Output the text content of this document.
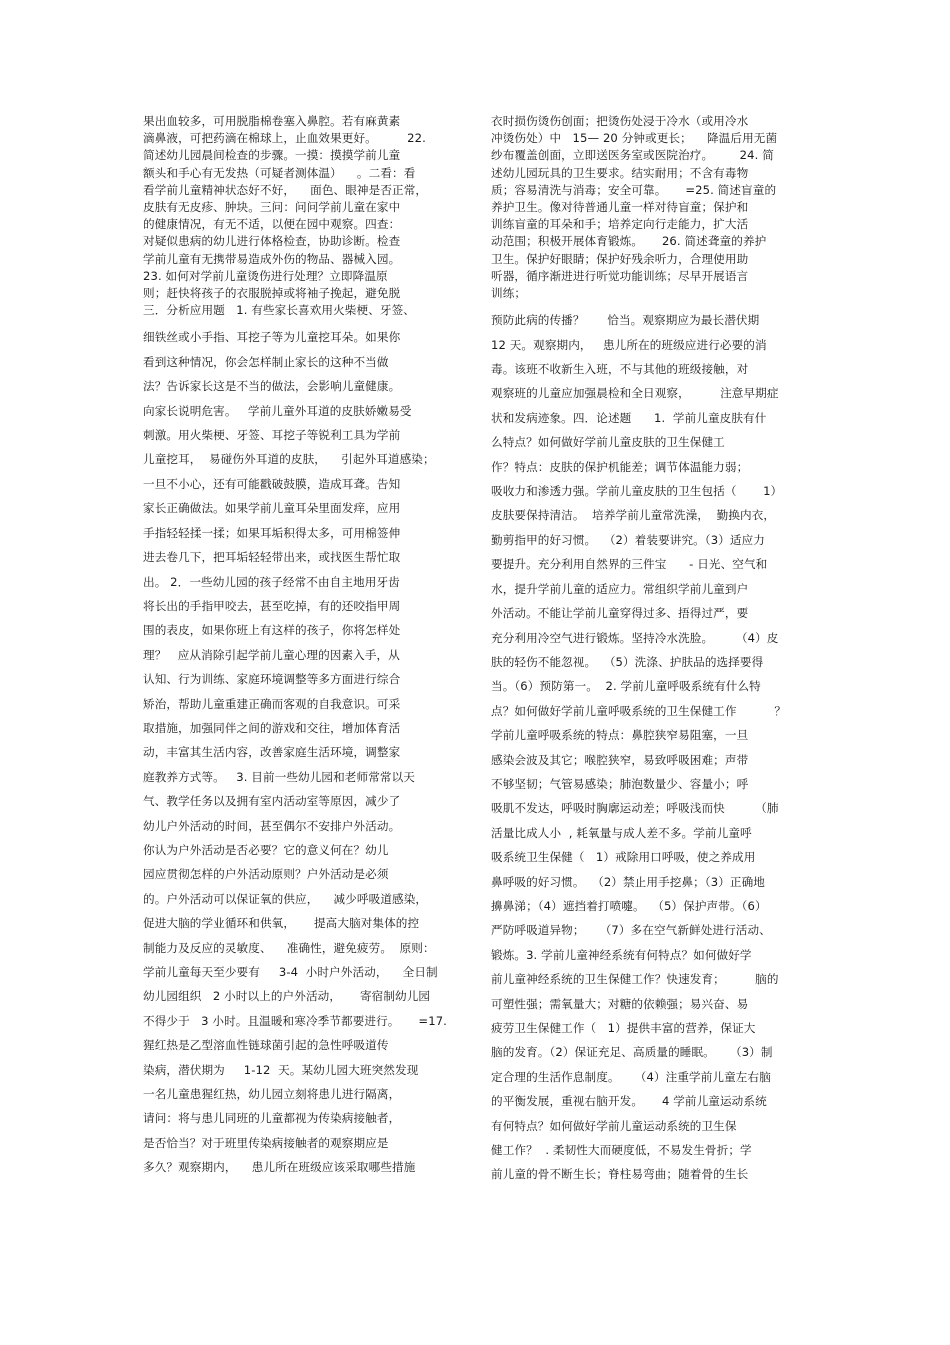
果出血较多，可用脱脂棉卷塞入鼻腔。若有麻黄素
滴鼻液，可把药滴在棉球上，止血效果更好。        22.
简述幼儿园晨间检查的步骤。一摸：摸摸学前儿童
额头和手心有无发热（可疑者测体温）    。二看：看
看学前儿童精神状态好不好，    面色、眼神是否正常，
皮肤有无皮疹、肿块。三问：问问学前儿童在家中
的健康情况，有无不适，以便在园中观察。四查：
对疑似患病的幼儿进行体格检查，协助诊断。检查
学前儿童有无携带易造成外伤的物品、器械入园。
23. 如何对学前儿童烫伤进行处理？立即降温原
则；赶快将孩子的衣服脱掉或将袖子挽起，避免脱
三．分析应用题   1. 有些家长喜欢用火柴梗、牙签、
细铁丝或小手指、耳挖子等为儿童挖耳朵。如果你
看到这种情况，你会怎样制止家长的这种不当做
法？告诉家长这是不当的做法，会影响儿童健康。
向家长说明危害。   学前儿童外耳道的皮肤娇嫩易受
刺激。用火柴梗、牙签、耳挖子等锐利工具为学前
儿童挖耳，  易碰伤外耳道的皮肤，    引起外耳道感染；
一旦不小心，还有可能戳破鼓膜，造成耳聋。告知
家长正确做法。如果学前儿童耳朵里面发痒，应用
手指轻轻揉一揉；如果耳垢积得太多，可用棉签伸
进去卷几下，把耳垢轻轻带出来，或找医生帮忙取
出。 2．一些幼儿园的孩子经常不由自主地用牙齿
将长出的手指甲咬去，甚至吃掉，有的还咬指甲周
围的表皮，如果你班上有这样的孩子，你将怎样处
理？   应从消除引起学前儿童心理的因素入手，从
认知、行为训练、家庭环境调整等多方面进行综合
矫治，帮助儿童重建正确而客观的自我意识。可采
取措施，加强同伴之间的游戏和交往，增加体育活
动，丰富其生活内容，改善家庭生活环境，调整家
庭教养方式等。   3. 目前一些幼儿园和老师常常以天
气、教学任务以及拥有室内活动室等原因，减少了
幼儿户外活动的时间，甚至偶尔不安排户外活动。
你认为户外活动是否必要？它的意义何在？幼儿
园应贯彻怎样的户外活动原则？户外活动是必须
的。户外活动可以保证氧的供应，    减少呼吸道感染，
促进大脑的学业循环和供氧，     提高大脑对集体的控
制能力及反应的灵敏度、    准确性，避免疲劳。  原则：
学前儿童每天至少要有     3-4  小时户外活动，    全日制
幼儿园组织   2 小时以上的户外活动，     寄宿制幼儿园
不得少于   3 小时。且温暖和寒冷季节都要进行。     =17.
猩红热是乙型溶血性链球菌引起的急性呼吸道传
染病，潜伏期为     1-12  天。某幼儿园大班突然发现
一名儿童患猩红热，幼儿园立刻将患儿进行隔离，
请问：将与患儿同班的儿童都视为传染病接触者，
是否恰当？对于班里传染病接触者的观察期应是
多久？观察期内，    患儿所在班级应该采取哪些措施
衣时损伤烫伤创面；把烫伤处浸于冷水（或用冷水
冲烫伤处）中   15— 20 分钟或更长；    降温后用无菌
纱布覆盖创面，立即送医务室或医院治疗。       24. 简
述幼儿园玩具的卫生要求。结实耐用；不含有毒物
质；容易清洗与消毒；安全可靠。     =25. 简述盲童的
养护卫生。像对待普通儿童一样对待盲童；保护和
训练盲童的耳朵和手；培养定向行走能力，扩大活
动范围；积极开展体育锻炼。     26. 简述聋童的养护
卫生。保护好眼睛；保护好残余听力，合理使用助
听器，循序渐进进行听觉功能训练；尽早开展语言
训练；
预防此病的传播？      恰当。观察期应为最长潜伏期
12 天。观察期内，   患儿所在的班级应进行必要的消
毒。该班不收新生入班，不与其他的班级接触，对
观察班的儿童应加强晨检和全日观察，        注意早期症
状和发病迹象。四．论述题      1.  学前儿童皮肤有什
么特点？如何做好学前儿童皮肤的卫生保健工
作？特点：皮肤的保护机能差；调节体温能力弱；
吸收力和渗透力强。学前儿童皮肤的卫生包括（       1）
皮肤要保持清洁。  培养学前儿童常洗澡，  勤换内衣，
勤剪指甲的好习惯。  （2）着装要讲究。（3）适应力
要提升。充分利用自然界的三件宝      - 日光、空气和
水，提升学前儿童的适应力。常组织学前儿童到户
外活动。不能让学前儿童穿得过多、捂得过严，要
充分利用冷空气进行锻炼。坚持冷水洗脸。      （4）皮
肤的轻伤不能忽视。  （5）洗涤、护肤品的选择要得
当。（6）预防第一。  2. 学前儿童呼吸系统有什么特
点？如何做好学前儿童呼吸系统的卫生保健工作          ？
学前儿童呼吸系统的特点：鼻腔狭窄易阻塞，一旦
感染会波及其它；喉腔狭窄，易致呼吸困难；声带
不够坚韧；气管易感染；肺泡数量少、容量小；呼
吸肌不发达，呼吸时胸廓运动差；呼吸浅而快        （肺
活量比成人小  , 耗氧量与成人差不多。学前儿童呼
吸系统卫生保健（   1）戒除用口呼吸，使之养成用
鼻呼吸的好习惯。  （2）禁止用手挖鼻；（3）正确地
擤鼻涕；（4）遮挡着打喷嚏。  （5）保护声带。（6）
严防呼吸道异物；    （7）多在空气新鲜处进行活动、
锻炼。3. 学前儿童神经系统有何特点？如何做好学
前儿童神经系统的卫生保健工作？快速发育；        脑的
可塑性强；需氧量大；对糖的依赖强；易兴奋、易
疲劳卫生保健工作（   1）提供丰富的营养，保证大
脑的发育。（2）保证充足、高质量的睡眠。    （3）制
定合理的生活作息制度。    （4）注重学前儿童左右脑
的平衡发展，重视右脑开发。     4 学前儿童运动系统
有何特点？如何做好学前儿童运动系统的卫生保
健工作？  . 柔韧性大而硬度低，不易发生骨折；学
前儿童的骨不断生长；脊柱易弯曲；随着骨的生长
